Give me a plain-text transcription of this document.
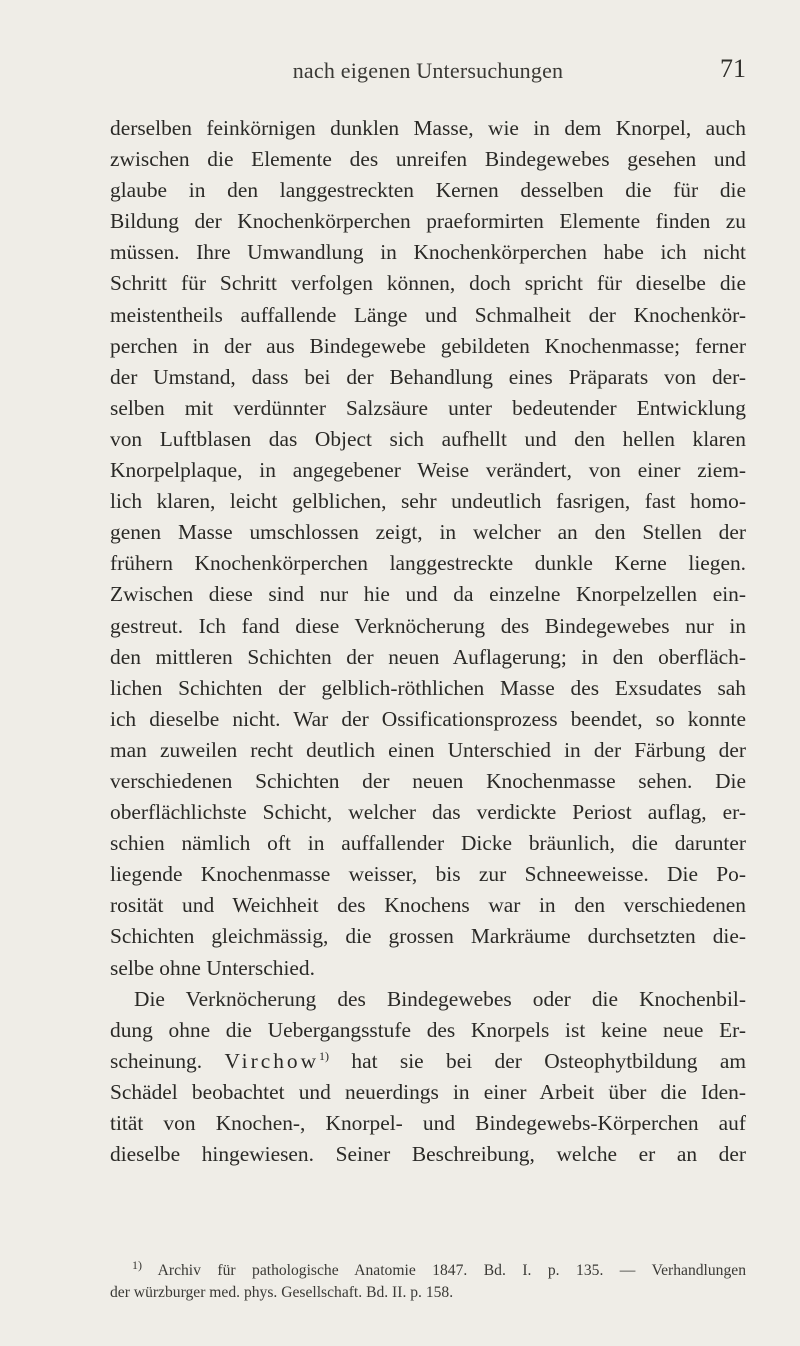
nach eigenen Untersuchungen	71
derselben feinkörnigen dunklen Masse, wie in dem Knorpel, auch
zwischen die Elemente des unreifen Bindegewebes gesehen und
glaube in den langgestreckten Kernen desselben die für die
Bildung der Knochenkörperchen praeformirten Elemente finden zu
müssen. Ihre Umwandlung in Knochenkörperchen habe ich nicht
Schritt für Schritt verfolgen können, doch spricht für dieselbe die
meistentheils auffallende Länge und Schmalheit der Knochenkör-
perchen in der aus Bindegewebe gebildeten Knochenmasse; ferner
der Umstand, dass bei der Behandlung eines Präparats von der-
selben mit verdünnter Salzsäure unter bedeutender Entwicklung
von Luftblasen das Object sich aufhellt und den hellen klaren
Knorpelplaque, in angegebener Weise verändert, von einer ziem-
lich klaren, leicht gelblichen, sehr undeutlich fasrigen, fast homo-
genen Masse umschlossen zeigt, in welcher an den Stellen der
frühern Knochenkörperchen langgestreckte dunkle Kerne liegen.
Zwischen diese sind nur hie und da einzelne Knorpelzellen ein-
gestreut. Ich fand diese Verknöcherung des Bindegewebes nur in
den mittleren Schichten der neuen Auflagerung; in den oberfläch-
lichen Schichten der gelblich-röthlichen Masse des Exsudates sah
ich dieselbe nicht. War der Ossificationsprozess beendet, so konnte
man zuweilen recht deutlich einen Unterschied in der Färbung der
verschiedenen Schichten der neuen Knochenmasse sehen. Die
oberflächlichste Schicht, welcher das verdickte Periost auflag, er-
schien nämlich oft in auffallender Dicke bräunlich, die darunter
liegende Knochenmasse weisser, bis zur Schneeweisse. Die Po-
rosität und Weichheit des Knochens war in den verschiedenen
Schichten gleichmässig, die grossen Markräume durchsetzten die-
selbe ohne Unterschied.
Die Verknöcherung des Bindegewebes oder die Knochenbil-
dung ohne die Uebergangsstufe des Knorpels ist keine neue Er-
scheinung. Virchow$^{1)}$ hat sie bei der Osteophytbildung am
Schädel beobachtet und neuerdings in einer Arbeit über die Iden-
tität von Knochen-, Knorpel- und Bindegewebs-Körperchen auf
dieselbe hingewiesen. Seiner Beschreibung, welche er an der
$^{1)}$ Archiv für pathologische Anatomie 1847. Bd. I. p. 135. — Verhandlungen
der würzburger med. phys. Gesellschaft. Bd. II. p. 158.
